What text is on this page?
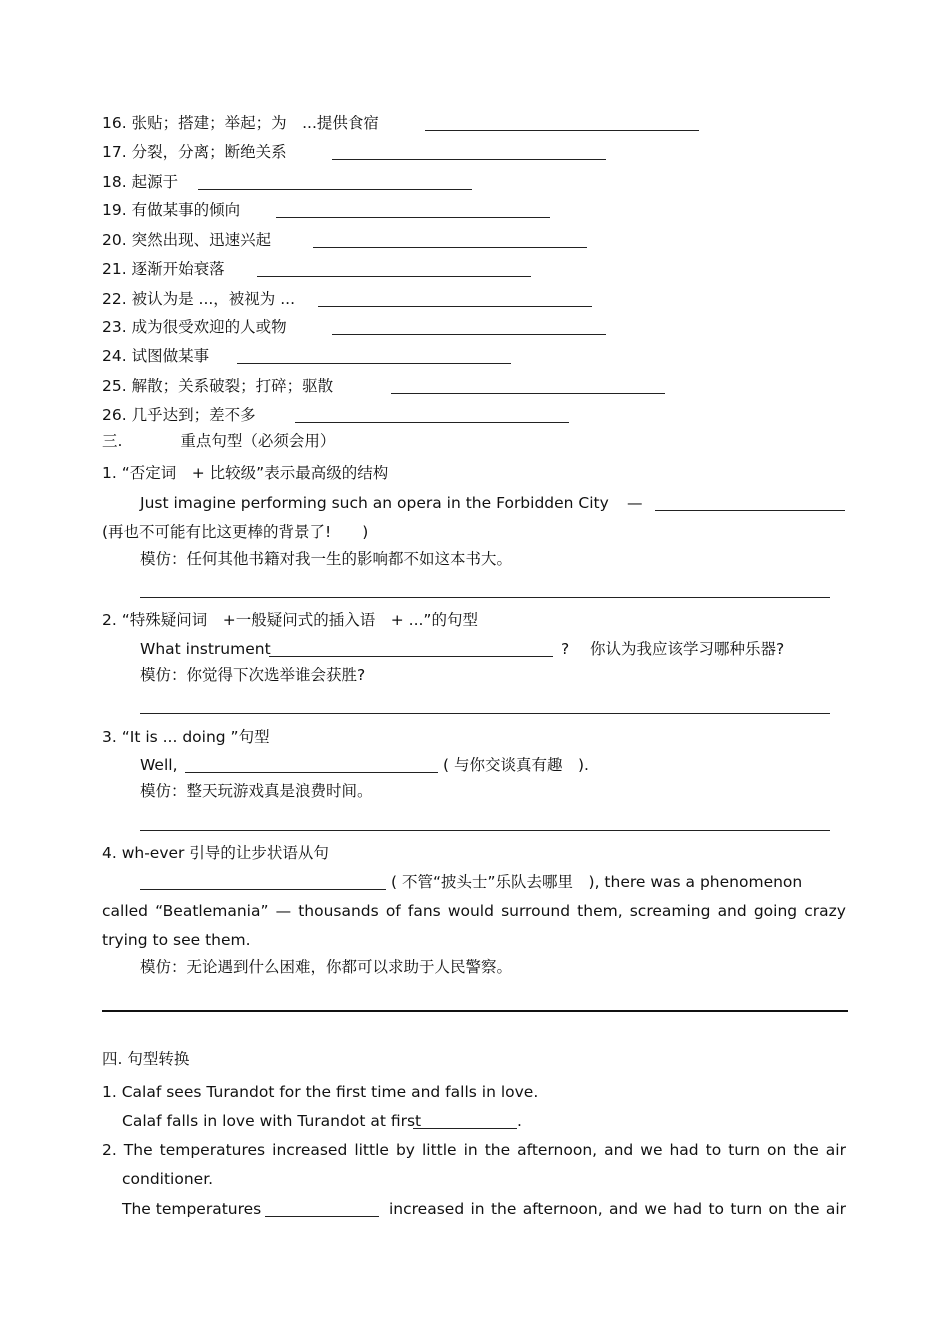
16. 张贴；搭建；举起；为　...提供食宿
17. 分裂，分离；断绝关系
18. 起源于
19. 有做某事的倾向
20. 突然出现、迅速兴起
21. 逐渐开始衰落
22. 被认为是 ...，被视为 ...
23. 成为很受欢迎的人或物
24. 试图做某事
25. 解散；关系破裂；打碎；驱散
26. 几乎达到；差不多
三.	重点句型（必须会用）
1. “否定词　+ 比较级”表示最高级的结构
Just imagine performing such an opera in the Forbidden City —
(再也不可能有比这更棒的背景了!　　)
模仿：任何其他书籍对我一生的影响都不如这本书大。
2. “特殊疑问词　+一般疑问式的插入语　+ ...”的句型
What instrument	? 你认为我应该学习哪种乐器?
模仿：你觉得下次选举谁会获胜?
3. “It is ... doing ”句型
Well,	( 与你交谈真有趣　).
模仿：整天玩游戏真是浪费时间。
4. wh-ever 引导的让步状语从句
( 不管“披头士”乐队去哪里　), there was a phenomenon
called “Beatlemania” — thousands of fans would surround them, screaming and going crazy
trying to see them.
模仿：无论遇到什么困难，你都可以求助于人民警察。
四. 句型转换
1. Calaf sees Turandot for the first time and falls in love.
Calaf falls in love with Turandot at first	.
2. The temperatures increased little by little in the afternoon, and we had to turn on the air
conditioner.
The temperatures	increased in the afternoon, and we had to turn on the air
